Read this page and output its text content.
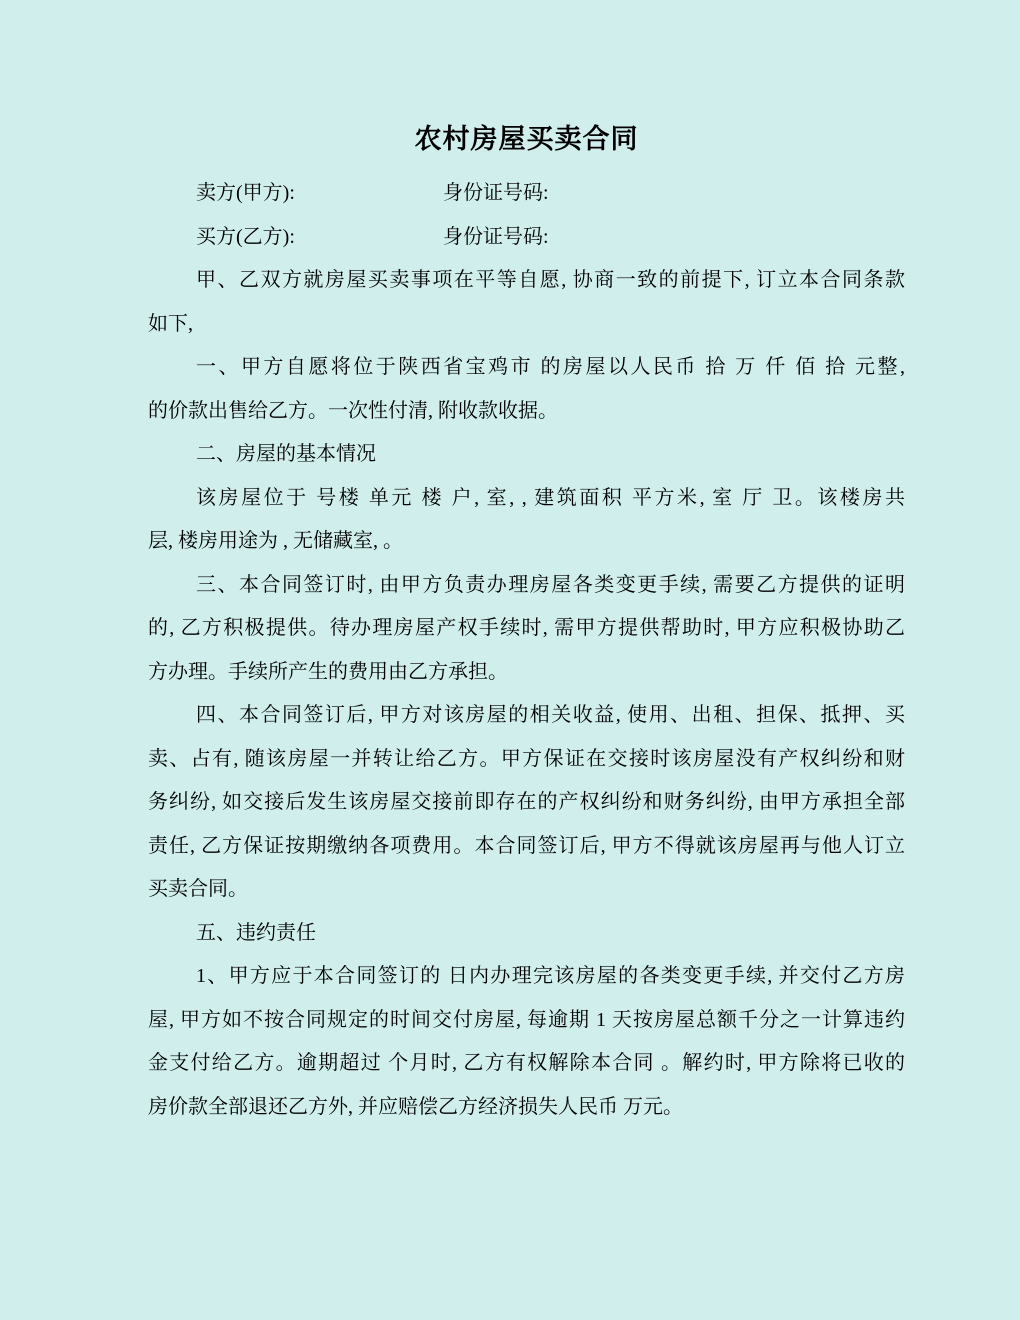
农村房屋买卖合同
卖方(甲方):	身份证号码:
买方(乙方):	身份证号码:
甲、乙双方就房屋买卖事项在平等自愿, 协商一致的前提下, 订立本合同条款
如下,
一、甲方自愿将位于陕西省宝鸡市 的房屋以人民币 拾 万 仟 佰 拾 元整,
的价款出售给乙方。一次性付清, 附收款收据。
二、房屋的基本情况
该房屋位于 号楼 单元 楼 户, 室, , 建筑面积 平方米, 室 厅 卫。该楼房共
层, 楼房用途为 , 无储藏室, 。
三、本合同签订时, 由甲方负责办理房屋各类变更手续, 需要乙方提供的证明
的, 乙方积极提供。待办理房屋产权手续时, 需甲方提供帮助时, 甲方应积极协助乙
方办理。手续所产生的费用由乙方承担。
四、本合同签订后, 甲方对该房屋的相关收益, 使用、出租、担保、抵押、买
卖、占有, 随该房屋一并转让给乙方。甲方保证在交接时该房屋没有产权纠纷和财
务纠纷, 如交接后发生该房屋交接前即存在的产权纠纷和财务纠纷, 由甲方承担全部
责任, 乙方保证按期缴纳各项费用。本合同签订后, 甲方不得就该房屋再与他人订立
买卖合同。
五、违约责任
1、甲方应于本合同签订的 日内办理完该房屋的各类变更手续, 并交付乙方房
屋, 甲方如不按合同规定的时间交付房屋, 每逾期 1 天按房屋总额千分之一计算违约
金支付给乙方。逾期超过 个月时, 乙方有权解除本合同 。解约时, 甲方除将已收的
房价款全部退还乙方外, 并应赔偿乙方经济损失人民币 万元。
